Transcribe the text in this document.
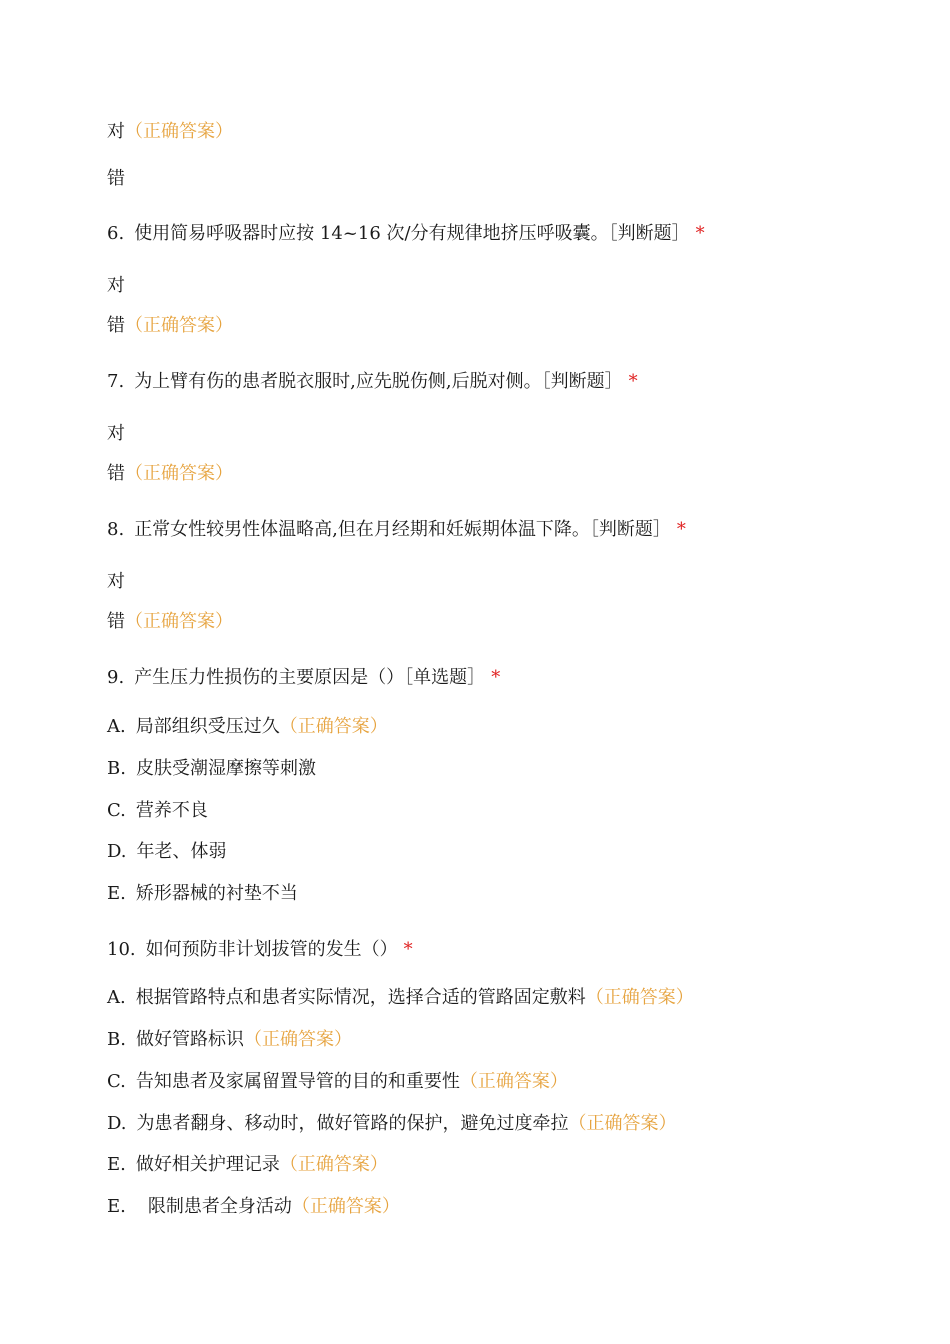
对（正确答案）
错
6. 使用简易呼吸器时应按 14~16 次/分有规律地挤压呼吸囊。［判断题］ *
对
错（正确答案）
7. 为上臂有伤的患者脱衣服时,应先脱伤侧,后脱对侧。［判断题］ *
对
错（正确答案）
8. 正常女性较男性体温略高,但在月经期和妊娠期体温下降。［判断题］ *
对
错（正确答案）
9. 产生压力性损伤的主要原因是（）［单选题］ *
A. 局部组织受压过久（正确答案）
B. 皮肤受潮湿摩擦等刺激
C. 营养不良
D. 年老、体弱
E. 矫形器械的衬垫不当
10. 如何预防非计划拔管的发生（） *
A. 根据管路特点和患者实际情况，选择合适的管路固定敷料（正确答案）
B. 做好管路标识（正确答案）
C. 告知患者及家属留置导管的目的和重要性（正确答案）
D. 为患者翻身、移动时，做好管路的保护，避免过度牵拉（正确答案）
E. 做好相关护理记录（正确答案）
E. 限制患者全身活动（正确答案）
